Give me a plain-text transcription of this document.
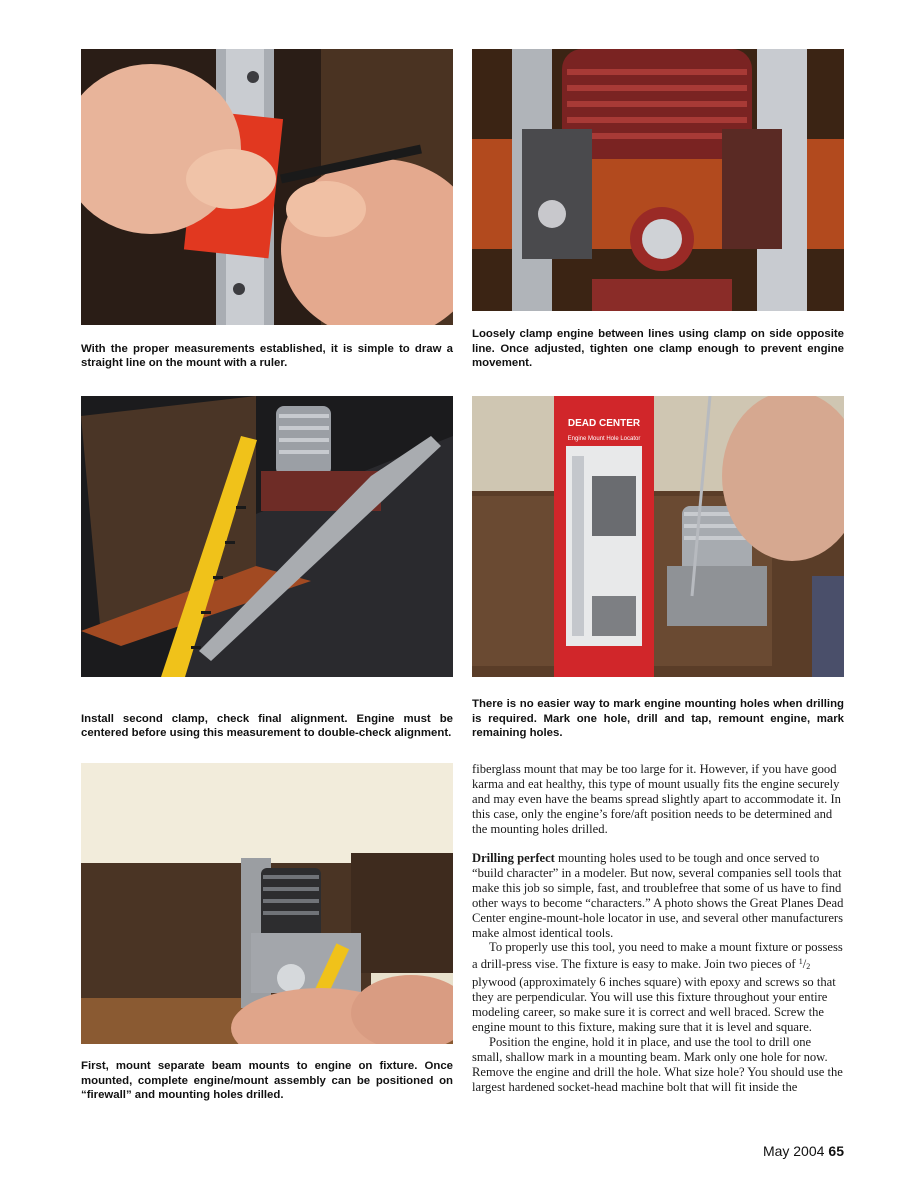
With the proper measurements established, it is simple to draw a straight line on the mount with a ruler.
Loosely clamp engine between lines using clamp on side opposite line. Once adjusted, tighten one clamp enough to prevent engine movement.
Install second clamp, check final alignment. Engine must be centered before using this measurement to double-check alignment.
DEAD CENTER
Engine Mount Hole Locator
There is no easier way to mark engine mounting holes when drilling is required. Mark one hole, drill and tap, remount engine, mark remaining holes.
First, mount separate beam mounts to engine on fixture. Once mounted, complete engine/mount assembly can be positioned on “firewall” and mounting holes drilled.

fiberglass mount that may be too large for it. However, if you have good karma and eat healthy, this type of mount usually fits the engine securely and may even have the beams spread slightly apart to accommodate it. In this case, only the engine’s fore/aft position needs to be determined and the mounting holes drilled.

Drilling perfect mounting holes used to be tough and once served to “build character” in a modeler. But now, several companies sell tools that make this job so simple, fast, and troublefree that some of us have to find other ways to become “characters.” A photo shows the Great Planes Dead Center engine-mount-hole locator in use, and several other manufacturers make almost identical tools.

To properly use this tool, you need to make a mount fixture or possess a drill-press vise. The fixture is easy to make. Join two pieces of $^1/_2$ plywood (approximately 6 inches square) with epoxy and screws so that they are perpendicular. You will use this fixture throughout your entire modeling career, so make sure it is correct and well braced. Screw the engine mount to this fixture, making sure that it is level and square.

Position the engine, hold it in place, and use the tool to drill one small, shallow mark in a mounting beam. Mark only one hole for now. Remove the engine and drill the hole. What size hole? You should use the largest hardened socket-head machine bolt that will fit inside the

May 2004 65
